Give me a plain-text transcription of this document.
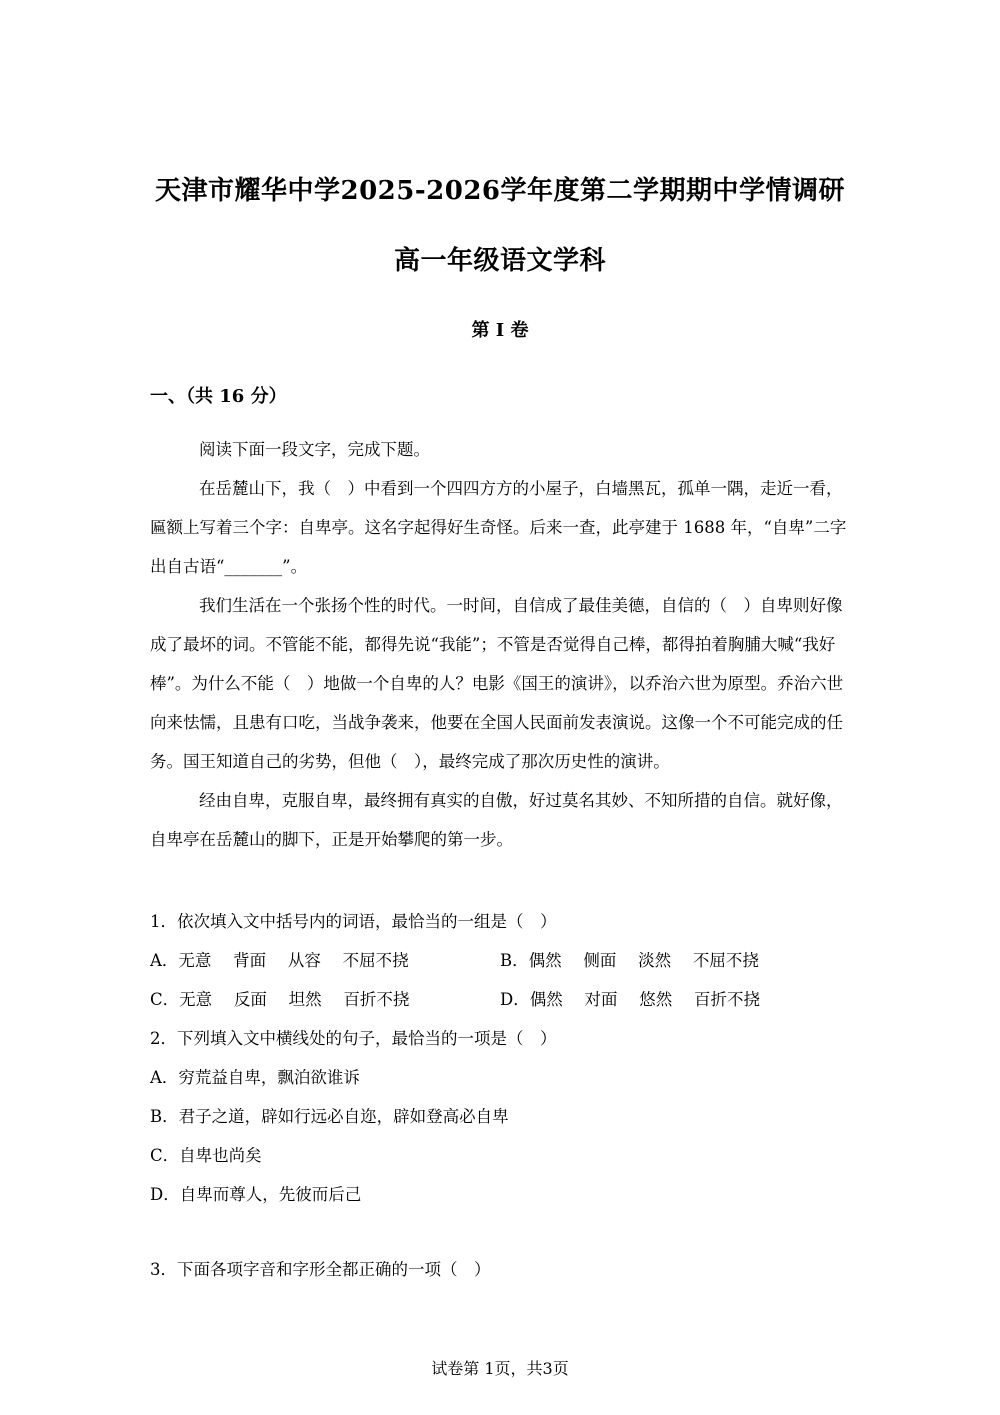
天津市耀华中学2025-2026学年度第二学期期中学情调研
高一年级语文学科
第 I 卷
一、（共 16 分）

阅读下面一段文字，完成下题。

在岳麓山下，我（　）中看到一个四四方方的小屋子，白墙黑瓦，孤单一隅，走近一看，匾额上写着三个字：自卑亭。这名字起得好生奇怪。后来一查，此亭建于 1688 年，“自卑”二字出自古语“_______”。

我们生活在一个张扬个性的时代。一时间，自信成了最佳美德，自信的（　）自卑则好像成了最坏的词。不管能不能，都得先说“我能”；不管是否觉得自己棒，都得拍着胸脯大喊“我好棒”。为什么不能（　）地做一个自卑的人？电影《国王的演讲》，以乔治六世为原型。乔治六世向来怯懦，且患有口吃，当战争袭来，他要在全国人民面前发表演说。这像一个不可能完成的任务。国王知道自己的劣势，但他（　），最终完成了那次历史性的演讲。

经由自卑，克服自卑，最终拥有真实的自傲，好过莫名其妙、不知所措的自信。就好像，自卑亭在岳麓山的脚下，正是开始攀爬的第一步。

1．依次填入文中括号内的词语，最恰当的一组是（　）
A．无意　 背面　 从容　 不屈不挠	B．偶然　 侧面　 淡然　 不屈不挠
C．无意　 反面　 坦然　 百折不挠	D．偶然　 对面　 悠然　 百折不挠
2．下列填入文中横线处的句子，最恰当的一项是（　）
A．穷荒益自卑，飘泊欲谁诉
B．君子之道，辟如行远必自迩，辟如登高必自卑
C．自卑也尚矣
D．自卑而尊人，先彼而后己
3．下面各项字音和字形全都正确的一项（　）
试卷第 1页，共3页
